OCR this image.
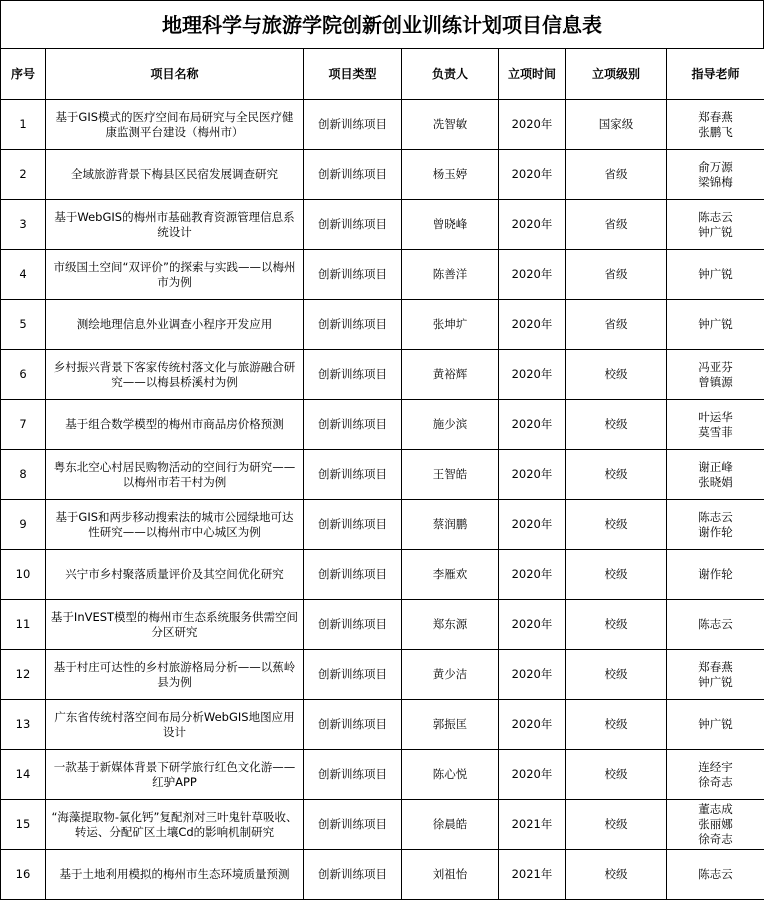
地理科学与旅游学院创新创业训练计划项目信息表
序号	项目名称	项目类型	负责人	立项时间	立项级别	指导老师
1	基于GIS模式的医疗空间布局研究与全民医疗健康监测平台建设（梅州市）	创新训练项目	冼智敏	2020年	国家级	郑春燕
张鹏飞

2	全域旅游背景下梅县区民宿发展调查研究	创新训练项目	杨玉婷	2020年	省级	俞万源
梁锦梅

3	基于WebGIS的梅州市基础教育资源管理信息系统设计	创新训练项目	曾晓峰	2020年	省级	陈志云
钟广锐

4	市级国土空间“双评价”的探索与实践——以梅州市为例	创新训练项目	陈善洋	2020年	省级	钟广锐

5	测绘地理信息外业调查小程序开发应用	创新训练项目	张坤圹	2020年	省级	钟广锐

6	乡村振兴背景下客家传统村落文化与旅游融合研究——以梅县桥溪村为例	创新训练项目	黄裕辉	2020年	校级	冯亚芬
曾镇源

7	基于组合数学模型的梅州市商品房价格预测	创新训练项目	施少滨	2020年	校级	叶运华
莫雪菲

8	粤东北空心村居民购物活动的空间行为研究——以梅州市若干村为例	创新训练项目	王智皓	2020年	校级	谢正峰
张晓娟

9	基于GIS和两步移动搜索法的城市公园绿地可达性研究——以梅州市中心城区为例	创新训练项目	蔡润鹏	2020年	校级	陈志云
谢作轮

10	兴宁市乡村聚落质量评价及其空间优化研究	创新训练项目	李雁欢	2020年	校级	谢作轮

11	基于InVEST模型的梅州市生态系统服务供需空间分区研究	创新训练项目	郑东源	2020年	校级	陈志云

12	基于村庄可达性的乡村旅游格局分析——以蕉岭县为例	创新训练项目	黄少洁	2020年	校级	郑春燕
钟广锐

13	广东省传统村落空间布局分析WebGIS地图应用设计	创新训练项目	郭振匡	2020年	校级	钟广锐

14	一款基于新媒体背景下研学旅行红色文化游——红驴APP	创新训练项目	陈心悦	2020年	校级	连经宇
徐奇志

15	“海藻提取物-氯化钙”复配剂对三叶鬼针草吸收、转运、分配矿区土壤Cd的影响机制研究	创新训练项目	徐晨皓	2021年	校级	董志成
张丽娜
徐奇志

16	基于土地利用模拟的梅州市生态环境质量预测	创新训练项目	刘祖怡	2021年	校级	陈志云
